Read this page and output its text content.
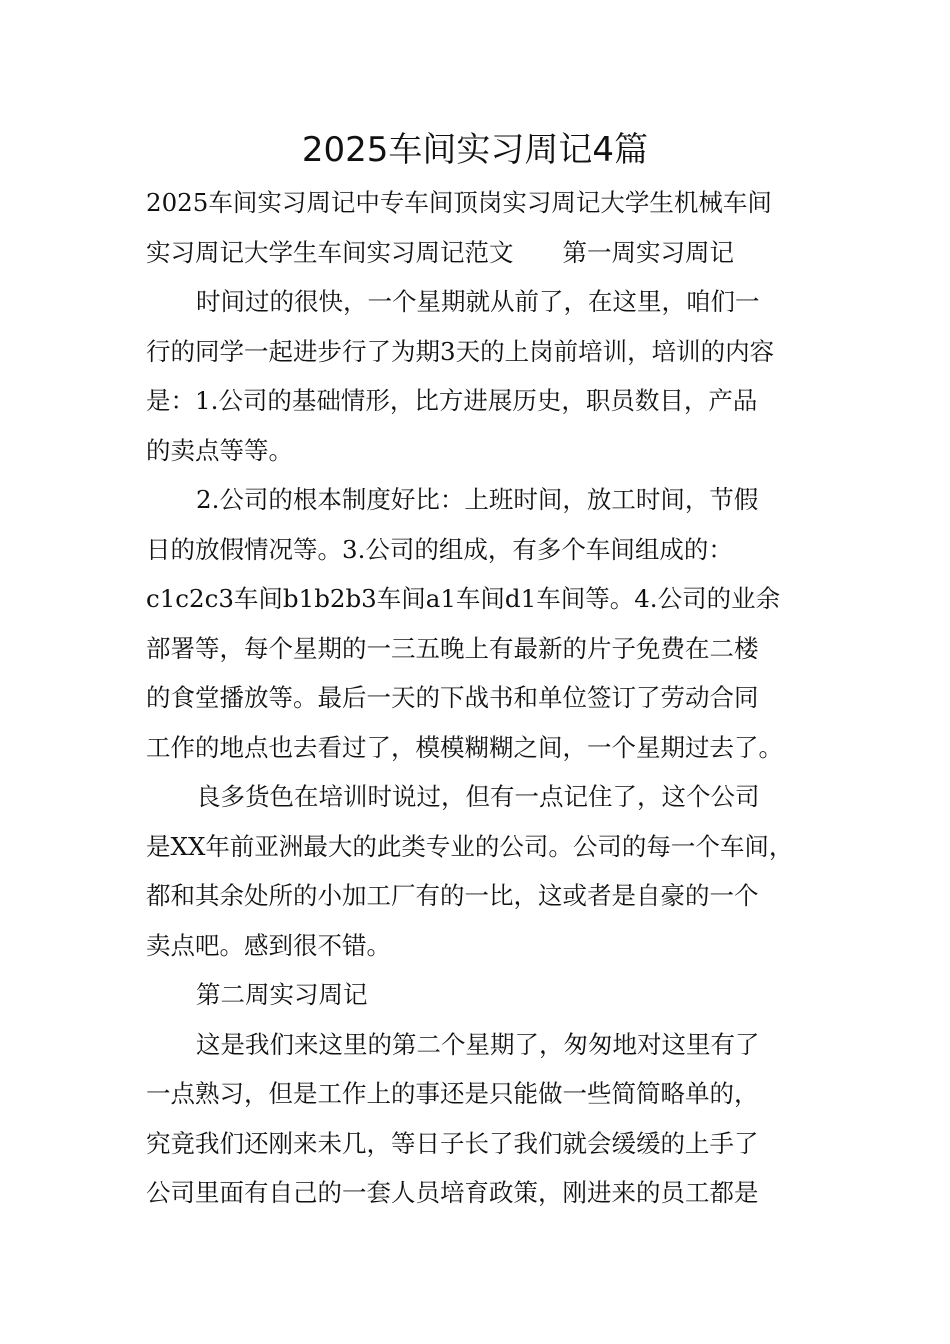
2025车间实习周记4篇
2025车间实习周记中专车间顶岗实习周记大学生机械车间
实习周记大学生车间实习周记范文　　第一周实习周记
时间过的很快，一个星期就从前了，在这里，咱们一
行的同学一起进步行了为期3天的上岗前培训，培训的内容
是：1.公司的基础情形，比方进展历史，职员数目，产品
的卖点等等。
2.公司的根本制度好比：上班时间，放工时间，节假
日的放假情况等。3.公司的组成，有多个车间组成的：
c1c2c3车间b1b2b3车间a1车间d1车间等。4.公司的业余
部署等，每个星期的一三五晚上有最新的片子免费在二楼
的食堂播放等。最后一天的下战书和单位签订了劳动合同
工作的地点也去看过了，模模糊糊之间，一个星期过去了。
良多货色在培训时说过，但有一点记住了，这个公司
是XX年前亚洲最大的此类专业的公司。公司的每一个车间，
都和其余处所的小加工厂有的一比，这或者是自豪的一个
卖点吧。感到很不错。
第二周实习周记
这是我们来这里的第二个星期了，匆匆地对这里有了
一点熟习，但是工作上的事还是只能做一些简简略单的，
究竟我们还刚来未几，等日子长了我们就会缓缓的上手了
公司里面有自己的一套人员培育政策，刚进来的员工都是
